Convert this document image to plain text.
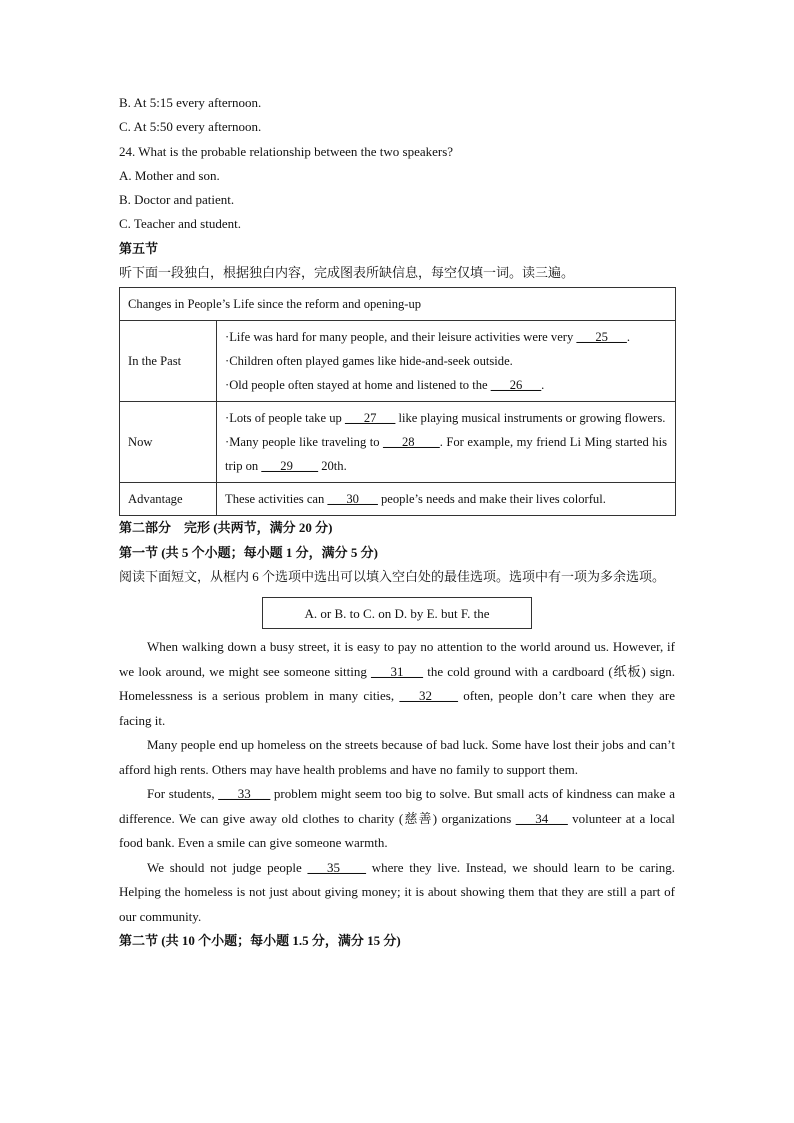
B. At 5:15 every afternoon.
C. At 5:50 every afternoon.
24. What is the probable relationship between the two speakers?
A. Mother and son.
B. Doctor and patient.
C. Teacher and student.
第五节
听下面一段独白，根据独白内容，完成图表所缺信息，每空仅填一词。读三遍。
Changes in People’s Life since the reform and opening-up	
In the Past	·Life was hard for many people, and their leisure activities were very ___25___.
·Children often played games like hide-and-seek outside.
·Old people often stayed at home and listened to the ___26___.

Now	·Lots of people take up ___27___ like playing musical instruments or growing flowers.
·Many people like traveling to ___28____. For example, my friend Li Ming started his trip on ___29____ 20th.

Advantage	These activities can ___30___ people’s needs and make their lives colorful.
第二部分　完形 (共两节，满分 20 分)
第一节 (共 5 个小题；每小题 1 分，满分 5 分)

阅读下面短文，从框内 6 个选项中选出可以填入空白处的最佳选项。选项中有一项为多余选项。

A. or B. to C. on D. by E. but F. the

When walking down a busy street, it is easy to pay no attention to the world around us. However, if we look around, we might see someone sitting ___31___ the cold ground with a cardboard (纸板) sign. Homelessness is a serious problem in many cities, ___32____ often, people don’t care when they are facing it.

Many people end up homeless on the streets because of bad luck. Some have lost their jobs and can’t afford high rents. Others may have health problems and have no family to support them.

For students, ___33___ problem might seem too big to solve. But small acts of kindness can make a difference. We can give away old clothes to charity (慈善) organizations ___34___ volunteer at a local food bank. Even a smile can give someone warmth.

We should not judge people ___35____ where they live. Instead, we should learn to be caring. Helping the homeless is not just about giving money; it is about showing them that they are still a part of our community.

第二节 (共 10 个小题；每小题 1.5 分，满分 15 分)
